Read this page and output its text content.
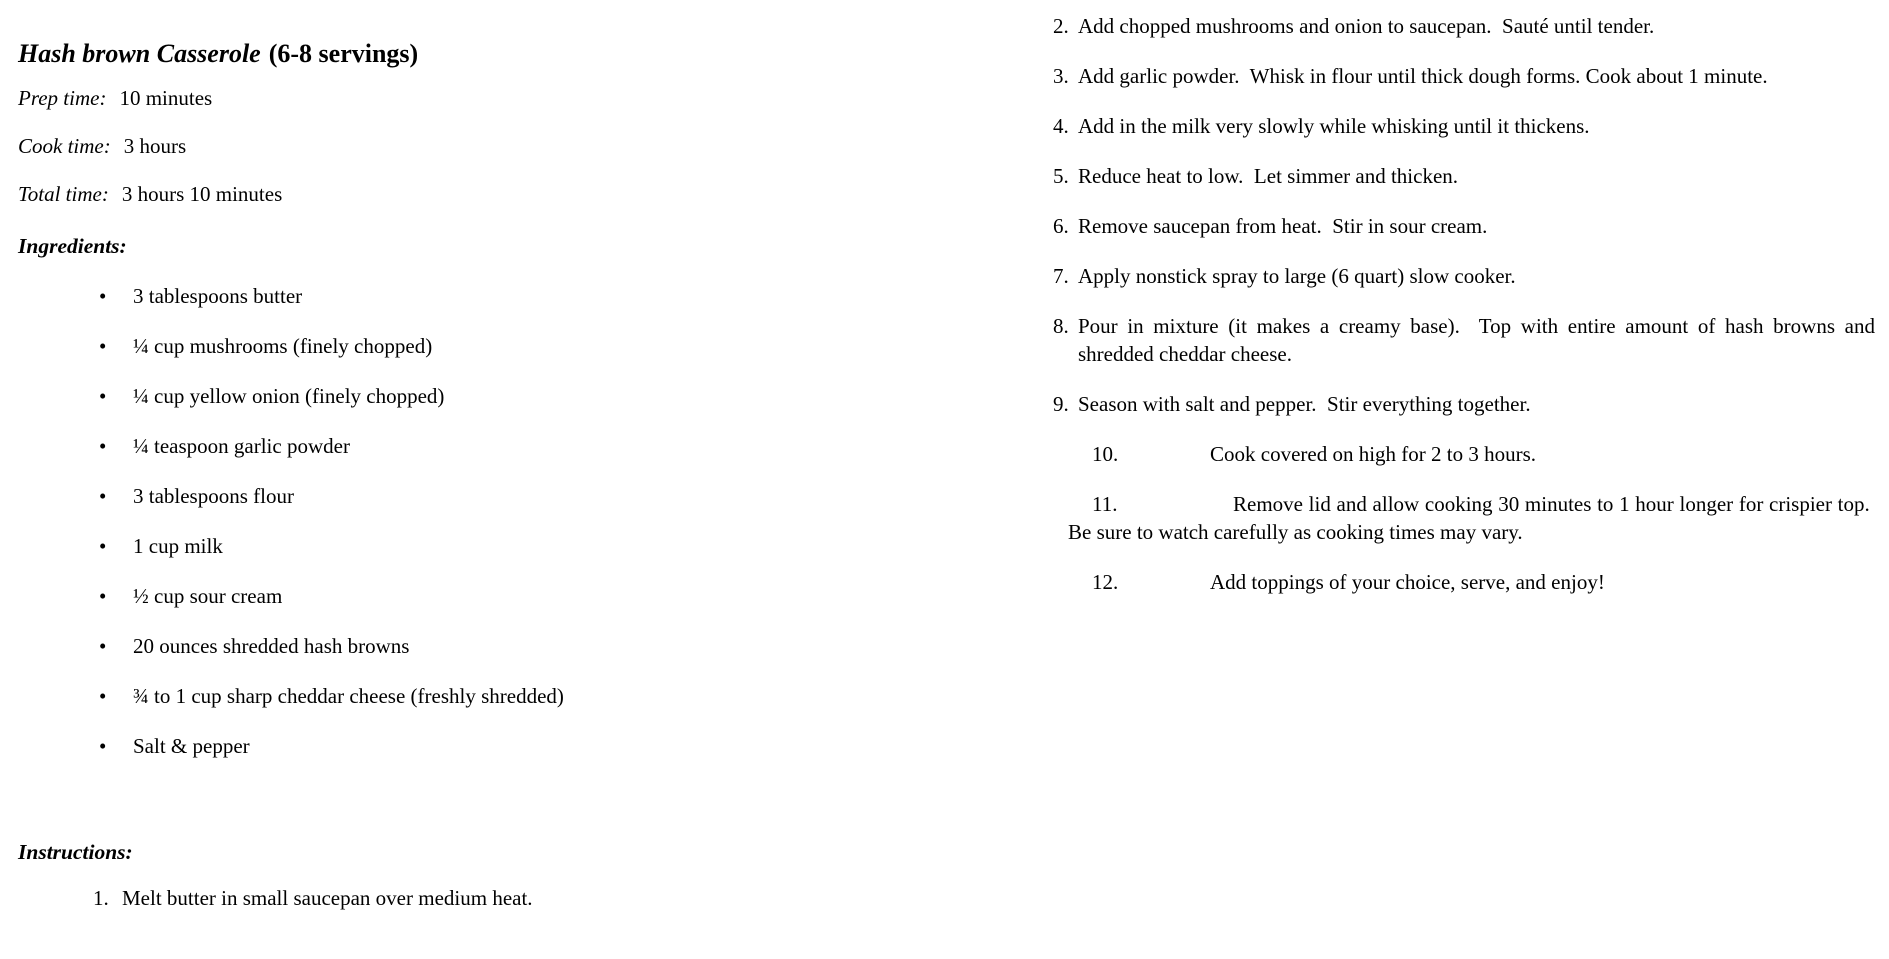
Hash brown Casserole (6-8 servings)

Prep time: 10 minutes

Cook time: 3 hours

Total time: 3 hours 10 minutes

Ingredients:

• 3 tablespoons butter
• ¼ cup mushrooms (finely chopped)
• ¼ cup yellow onion (finely chopped)
• ¼ teaspoon garlic powder
• 3 tablespoons flour
• 1 cup milk
• ½ cup sour cream
• 20 ounces shredded hash browns
• ¾ to 1 cup sharp cheddar cheese (freshly shredded)
• Salt & pepper

Instructions:

1. Melt butter in small saucepan over medium heat.

2. Add chopped mushrooms and onion to saucepan.  Sauté until tender.
3. Add garlic powder.  Whisk in flour until thick dough forms. Cook about 1 minute.
4. Add in the milk very slowly while whisking until it thickens.
5. Reduce heat to low.  Let simmer and thicken.
6. Remove saucepan from heat.  Stir in sour cream.
7. Apply nonstick spray to large (6 quart) slow cooker.
8. Pour in mixture (it makes a creamy base).  Top with entire amount of hash browns and shredded cheddar cheese.
9. Season with salt and pepper.  Stir everything together.
10.	Cook covered on high for 2 to 3 hours.
11.	Remove lid and allow cooking 30 minutes to 1 hour longer for crispier top.  Be sure to watch carefully as cooking times may vary.
12.	Add toppings of your choice, serve, and enjoy!
